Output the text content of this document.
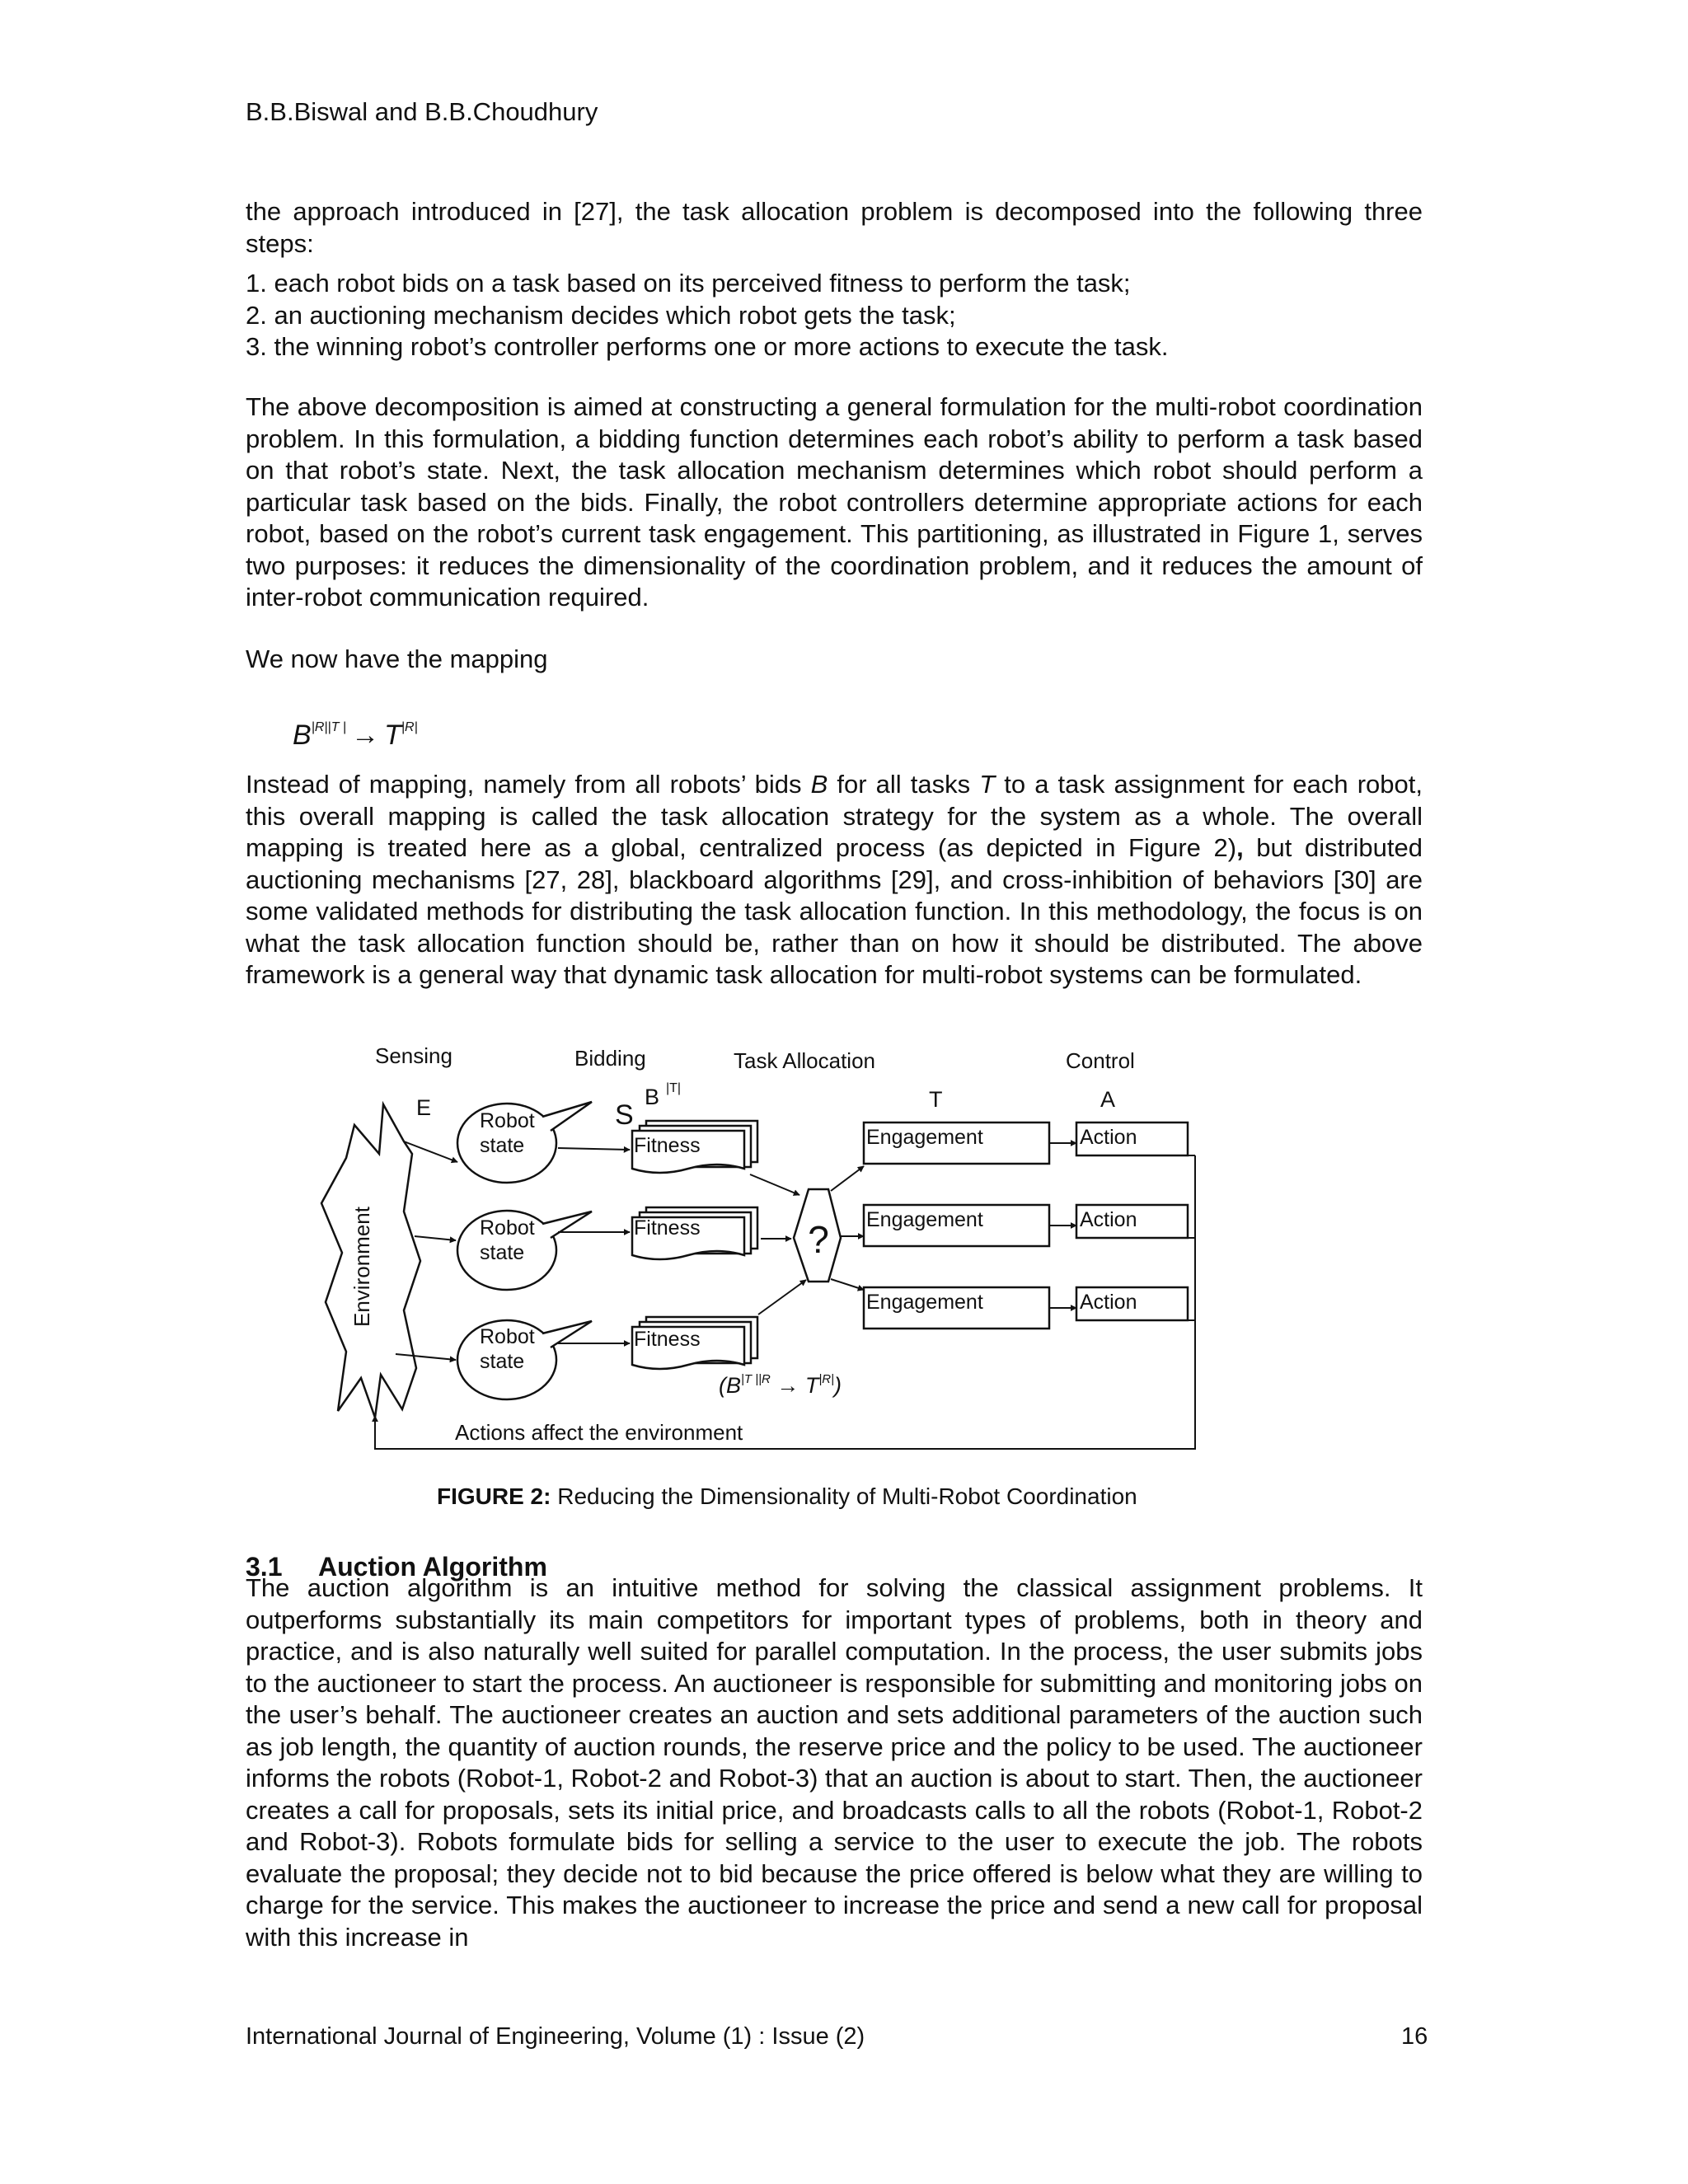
B.B.Biswal and B.B.Choudhury
the approach introduced in [27], the task allocation problem is decomposed into the following three steps:
1. each robot bids on a task based on its perceived fitness to perform the task;
2. an auctioning mechanism decides which robot gets the task;
3. the winning robot’s controller performs one or more actions to execute the task.
The above decomposition is aimed at constructing a general formulation for the multi-robot coordination problem. In this formulation, a bidding function determines each robot’s ability to perform a task based on that robot’s state. Next, the task allocation mechanism determines which robot should perform a particular task based on the bids. Finally, the robot controllers determine appropriate actions for each robot, based on the robot’s current task engagement. This partitioning, as illustrated in Figure 1, serves two purposes: it reduces the dimensionality of the coordination problem, and it reduces the amount of inter-robot communication required.
We now have the mapping
$B^{|R||T |} \to T^{|R|}$
Instead of mapping, namely from all robots’ bids B for all tasks T to a task assignment for each robot, this overall mapping is called the task allocation strategy for the system as a whole. The overall mapping is treated here as a global, centralized process (as depicted in Figure 2), but distributed auctioning mechanisms [27, 28], blackboard algorithms [29], and cross-inhibition of behaviors [30] are some validated methods for distributing the task allocation function. In this methodology, the focus is on what the task allocation function should be, rather than on how it should be distributed. The above framework is a general way that dynamic task allocation for multi-robot systems can be formulated.
Sensing	Bidding	Task Allocation	Control
E	S
B |T|	T	A
Environment
Robot
state
Robot
state
Robot
state
Fitness
Fitness
Fitness
?
Engagement
Engagement
Engagement
Action
Action
Action
Actions affect the environment
$(B^{|T ||R} \to T^{|R|})$
FIGURE 2: Reducing the Dimensionality of Multi-Robot Coordination
3.1 Auction Algorithm
The auction algorithm is an intuitive method for solving the classical assignment problems. It outperforms substantially its main competitors for important types of problems, both in theory and practice, and is also naturally well suited for parallel computation. In the process, the user submits jobs to the auctioneer to start the process. An auctioneer is responsible for submitting and monitoring jobs on the user’s behalf. The auctioneer creates an auction and sets additional parameters of the auction such as job length, the quantity of auction rounds, the reserve price and the policy to be used. The auctioneer informs the robots (Robot-1, Robot-2 and Robot-3) that an auction is about to start. Then, the auctioneer creates a call for proposals, sets its initial price, and broadcasts calls to all the robots (Robot-1, Robot-2 and Robot-3). Robots formulate bids for selling a service to the user to execute the job. The robots evaluate the proposal; they decide not to bid because the price offered is below what they are willing to charge for the service. This makes the auctioneer to increase the price and send a new call for proposal with this increase in
International Journal of Engineering, Volume (1) : Issue (2)	16
